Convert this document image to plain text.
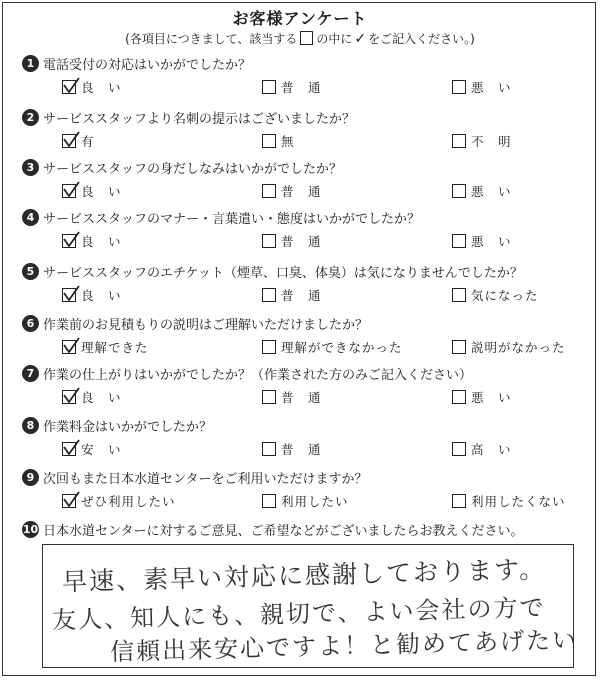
お客様アンケート
(各項目につきまして、該当する の中に ✓ をご記入ください。)
1 電話受付の対応はいかがでしたか？
良　い	普　通	悪　い
2 サービススタッフより名刺の提示はございましたか？
有	無	不　明
3 サービススタッフの身だしなみはいかがでしたか？
良　い	普　通	悪　い
4 サービススタッフのマナー・言葉遣い・態度はいかがでしたか？
良　い	普　通	悪　い
5 サービススタッフのエチケット（煙草、口臭、体臭）は気になりませんでしたか？
良　い	普　通	気になった
6 作業前のお見積もりの説明はご理解いただけましたか？
理解できた	理解ができなかった	説明がなかった
7 作業の仕上がりはいかがでしたか？（作業された方のみご記入ください）
良　い	普　通	悪　い
8 作業料金はいかがでしたか？
安　い	普　通	高　い
9 次回もまた日本水道センターをご利用いただけますか？
ぜひ利用したい	利用したい	利用したくない
10 日本水道センターに対するご意見、ご希望などがございましたらお教えください。
早速、素早い対応に感謝しております。
友人、知人にも、親切で、よい会社の方で
信頼出来安心ですよ！と勧めてあげたい
